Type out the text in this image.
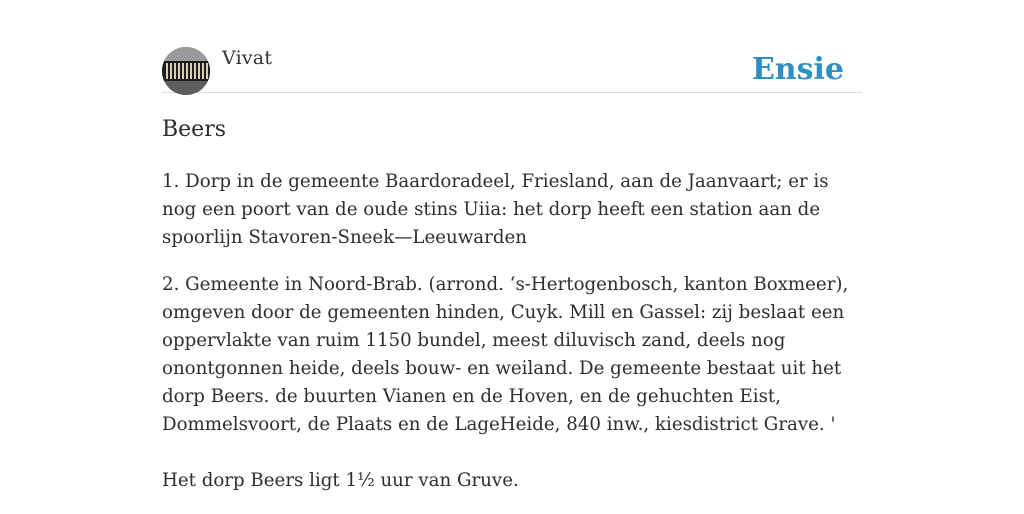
Vivat	Ensie
Beers

1. Dorp in de gemeente Baardoradeel, Friesland, aan de Jaanvaart; er is nog een poort van de oude stins Uiia: het dorp heeft een station aan de spoorlijn Stavoren-Sneek—Leeuwarden

2. Gemeente in Noord-Brab. (arrond. ‘s-Hertogenbosch, kanton Boxmeer), omgeven door de gemeenten hinden, Cuyk. Mill en Gassel: zij beslaat een oppervlakte van ruim 1150 bundel, meest diluvisch zand, deels nog onontgonnen heide, deels bouw- en weiland. De gemeente bestaat uit het dorp Beers. de buurten Vianen en de Hoven, en de gehuchten Eist, Dommelsvoort, de Plaats en de LageHeide, 840 inw., kiesdistrict Grave. '

Het dorp Beers ligt 1½ uur van Gruve.
